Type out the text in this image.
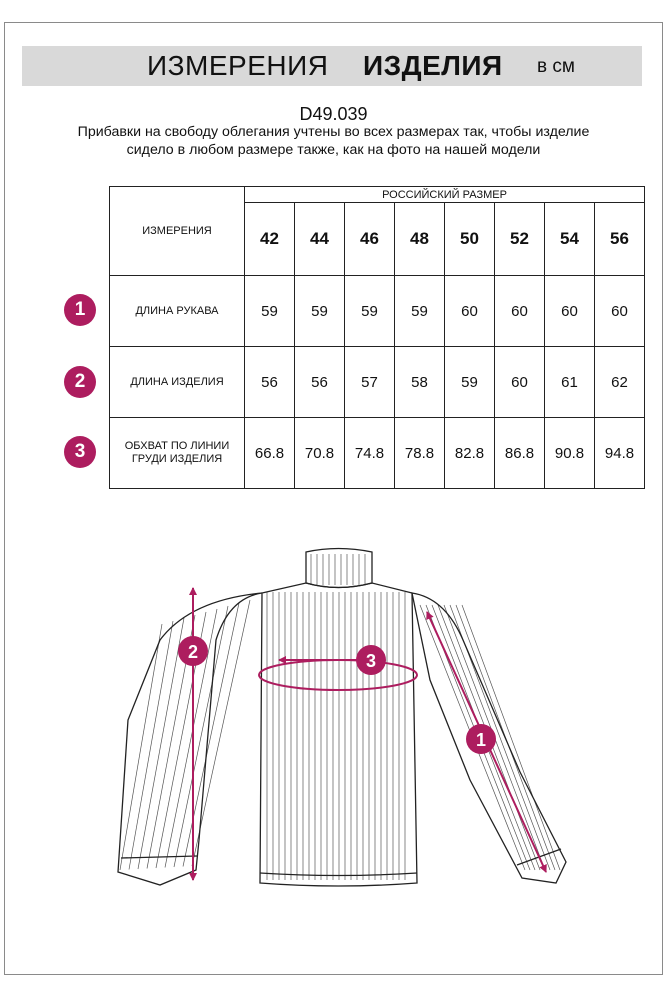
ИЗМЕРЕНИЯ ИЗДЕЛИЯ в см
D49.039
Прибавки на свободу облегания учтены во всех размерах так, чтобы изделие сидело в любом размере также, как на фото на нашей модели
ИЗМЕРЕНИЯ	РОССИЙСКИЙ РАЗМЕР							
	42	44	46	48	50	52	54	56
ДЛИНА РУКАВА	59	59	59	59	60	60	60	60
ДЛИНА ИЗДЕЛИЯ	56	56	57	58	59	60	61	62
ОБХВАТ ПО ЛИНИИ ГРУДИ ИЗДЕЛИЯ	66.8	70.8	74.8	78.8	82.8	86.8	90.8	94.8
1
2
3
2	3
1
